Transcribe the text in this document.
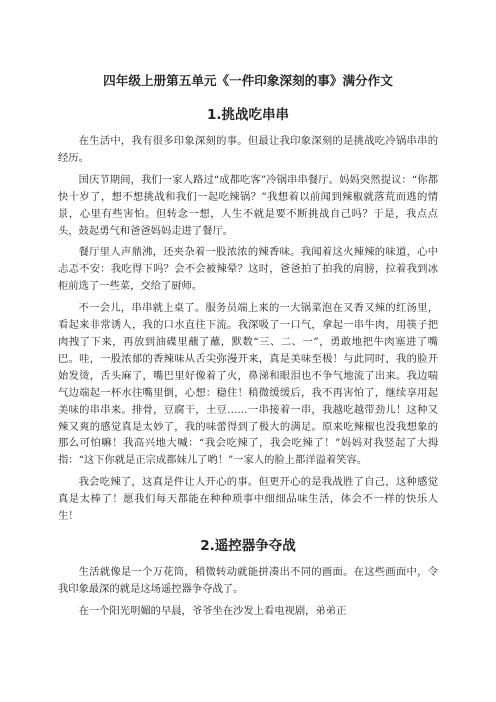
四年级上册第五单元《一件印象深刻的事》满分作文
1.挑战吃串串

在生活中，我有很多印象深刻的事。但最让我印象深刻的是挑战吃冷锅串串的经历。

国庆节期间，我们一家人路过“成都吃客”冷锅串串餐厅。妈妈突然提议：“你都快十岁了，想不想挑战和我们一起吃辣锅？”我想着以前闻到辣椒就落荒而逃的情景，心里有些害怕。但转念一想，人生不就是要不断挑战自己吗？于是，我点点头，鼓起勇气和爸爸妈妈走进了餐厅。

餐厅里人声鼎沸，还夹杂着一股浓浓的辣香味。我闻着这火辣辣的味道，心中忐忑不安：我吃得下吗？会不会被辣晕？这时，爸爸拍了拍我的肩膀，拉着我到冰柜前选了一些菜，交给了厨师。

不一会儿，串串就上桌了。服务员端上来的一大锅菜泡在又香又辣的红汤里，看起来非常诱人，我的口水直往下流。我深吸了一口气，拿起一串牛肉，用筷子把肉拽了下来，再放到油碟里蘸了蘸，默数“三、二、一”，勇敢地把牛肉塞进了嘴巴。哇，一股浓郁的香辣味从舌尖弥漫开来，真是美味至极！与此同时，我的脸开始发烫，舌头麻了，嘴巴里好像着了火，鼻涕和眼泪也不争气地流了出来。我边喘气边端起一杯水往嘴里倒，心想：稳住！稍微缓缓后，我不再害怕了，继续享用起美味的串串来。排骨，豆腐干，土豆……一串接着一串，我越吃越带劲儿！这种又辣又爽的感觉真是太妙了，我的味蕾得到了极大的满足。原来吃辣椒也没我想象的那么可怕嘛！我高兴地大喊：“我会吃辣了，我会吃辣了！”妈妈对我竖起了大拇指：“这下你就是正宗成都妹儿了哟！”一家人的脸上都洋溢着笑容。

我会吃辣了，这真是件让人开心的事。但更开心的是我战胜了自己，这种感觉真是太棒了！愿我们每天都能在种种琐事中细细品味生活，体会不一样的快乐人生！

2.遥控器争夺战

生活就像是一个万花筒，稍微转动就能拼凑出不同的画面。在这些画面中，令我印象最深的就是这场遥控器争夺战了。

在一个阳光明媚的早晨，爷爷坐在沙发上看电视剧，弟弟正
